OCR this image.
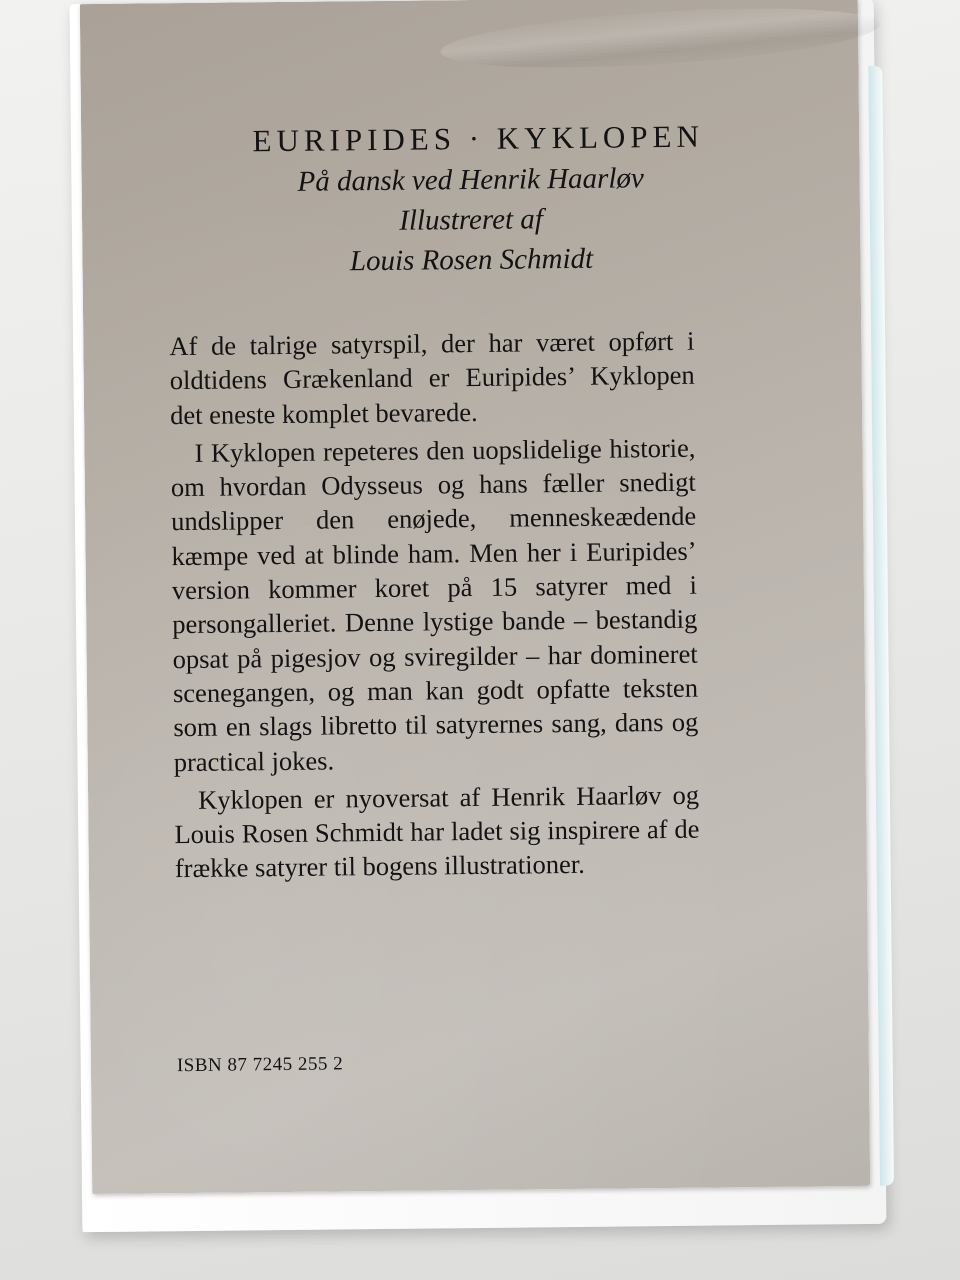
EURIPIDES · KYKLOPEN
På dansk ved Henrik Haarløv
Illustreret af
Louis Rosen Schmidt

Af de talrige satyrspil, der har været opført i oldtidens Grækenland er Euripides’ Kyklopen det eneste komplet bevarede.

I Kyklopen repeteres den uopslidelige historie, om hvordan Odysseus og hans fæller snedigt undslipper den enøjede, menneskeædende kæmpe ved at blinde ham. Men her i Euripides’ version kommer koret på 15 satyrer med i persongalleriet. Denne lystige bande – bestandig opsat på pigesjov og sviregilder – har domineret scenegangen, og man kan godt opfatte teksten som en slags libretto til satyrernes sang, dans og practical jokes.

Kyklopen er nyoversat af Henrik Haarløv og Louis Rosen Schmidt har ladet sig inspirere af de frække satyrer til bogens illustrationer.

ISBN 87 7245 255 2
